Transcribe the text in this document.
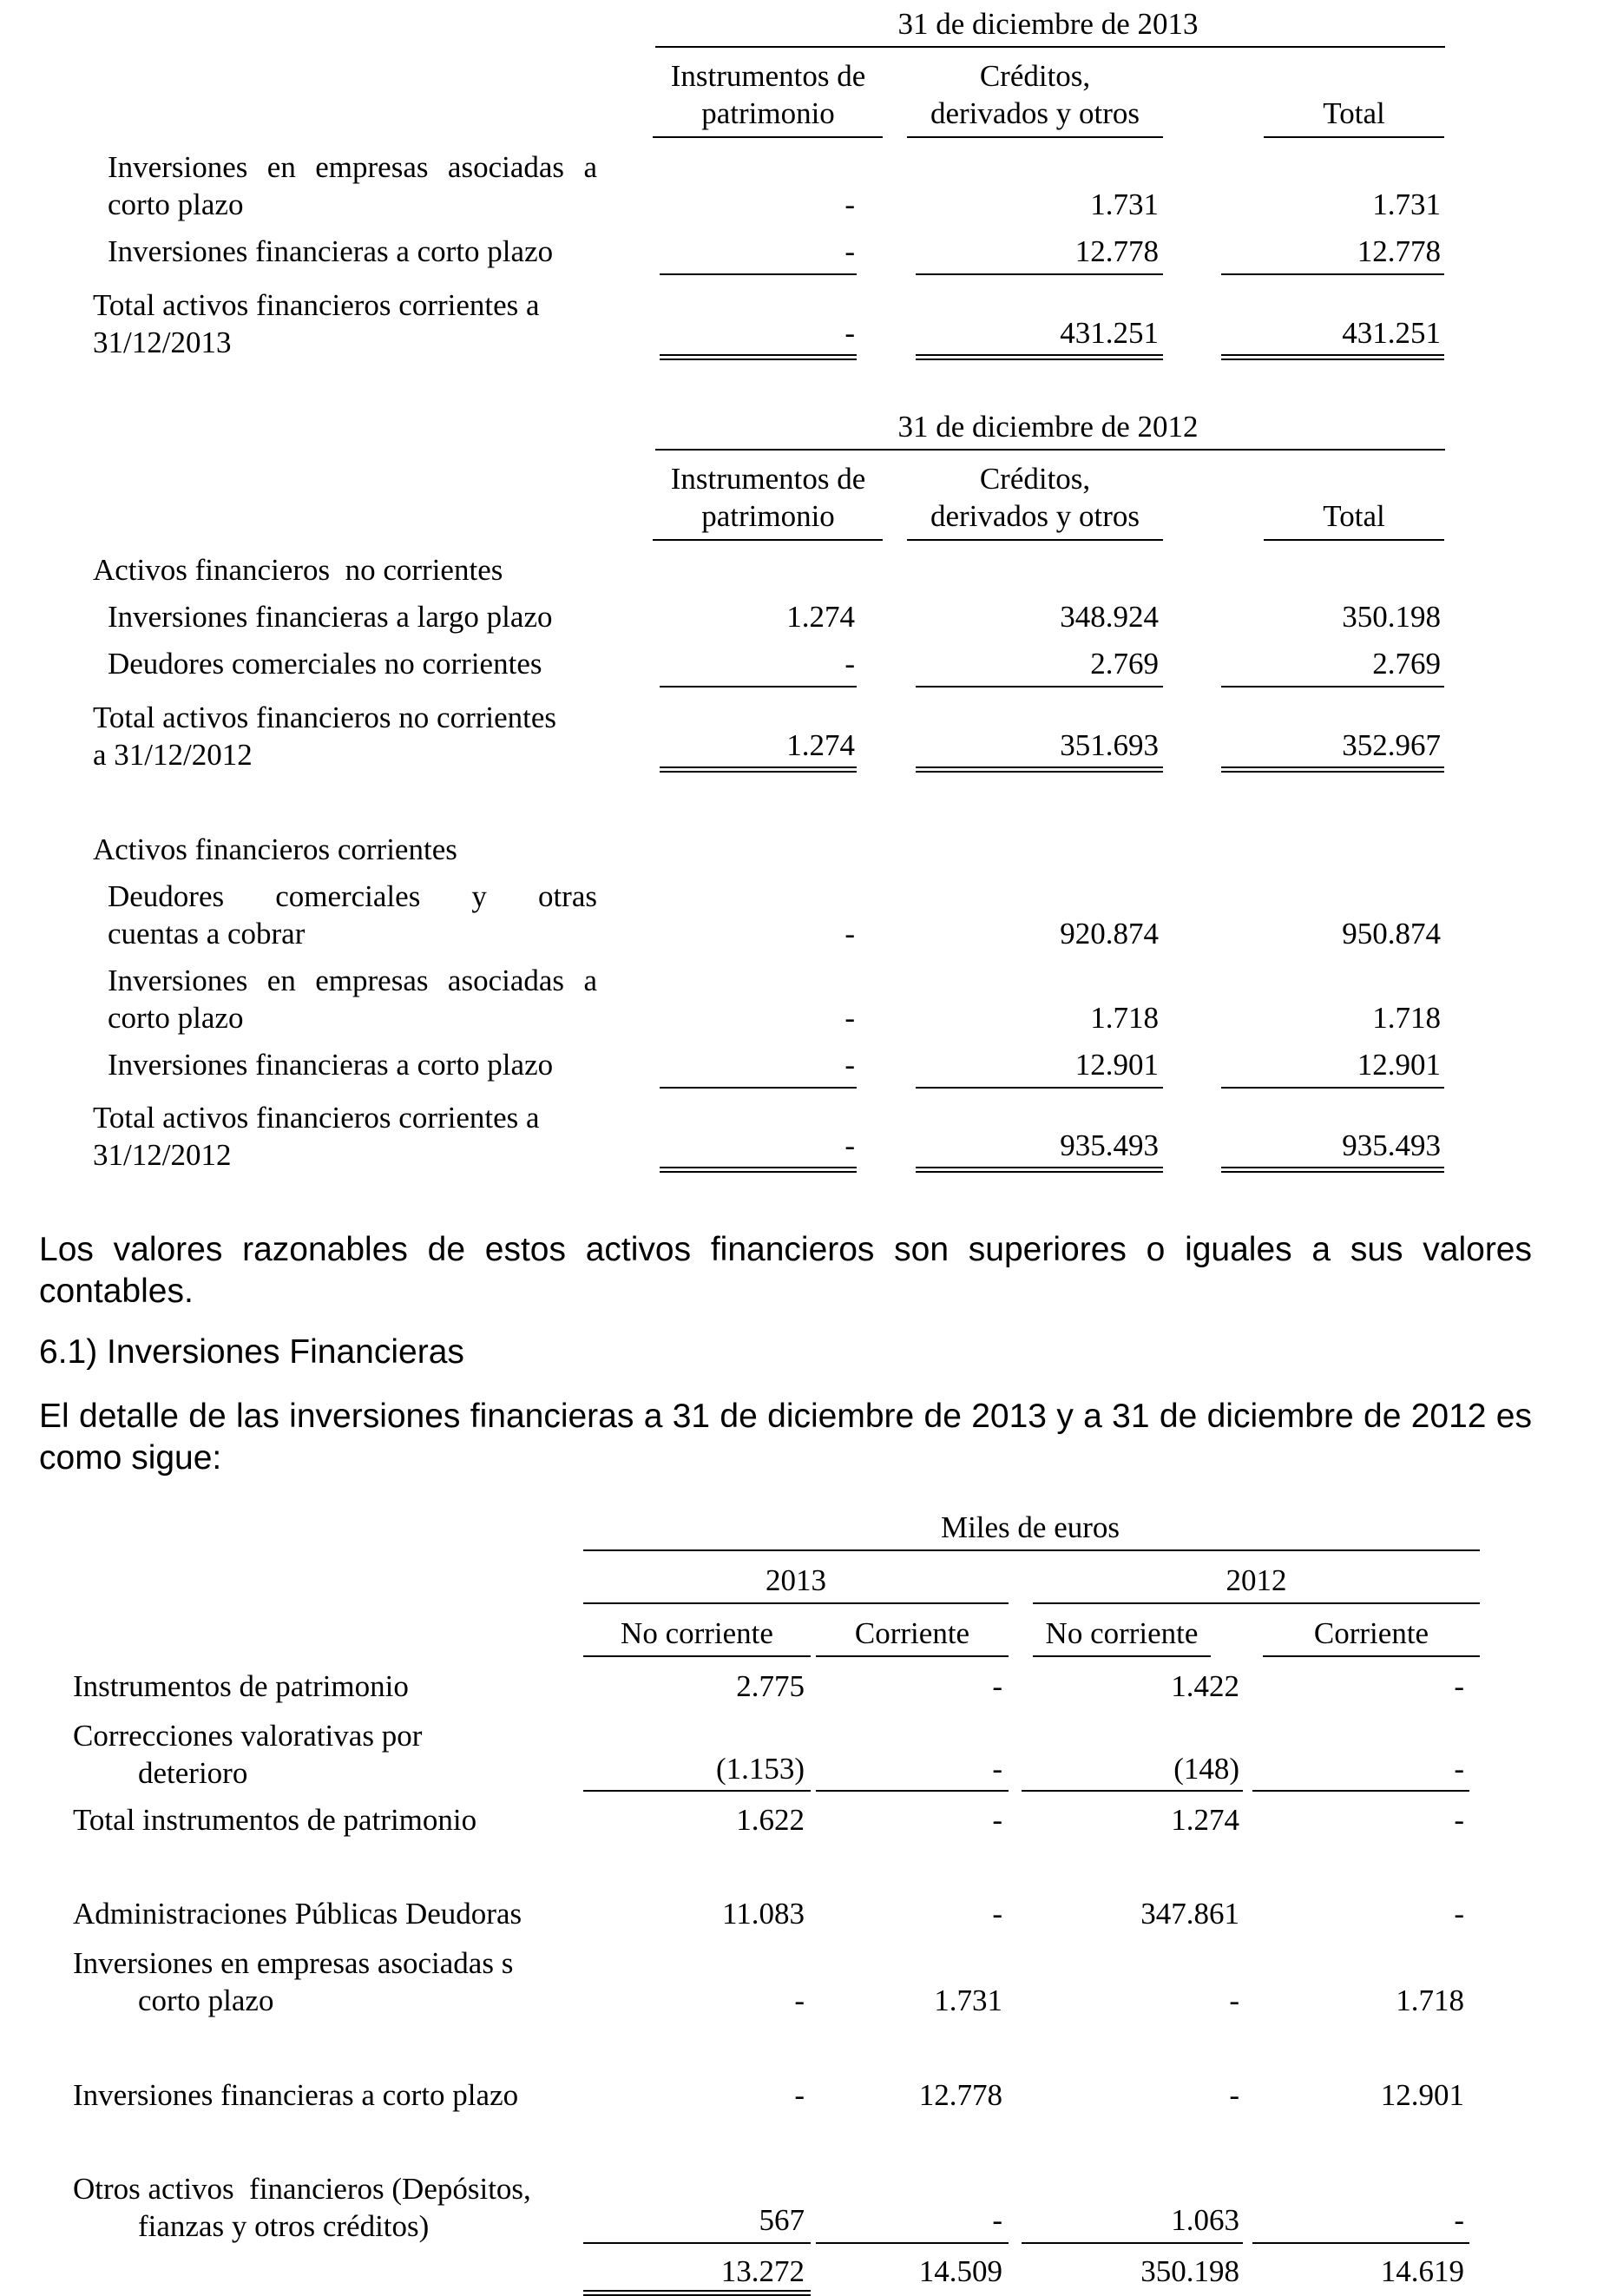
31 de diciembre de 2013
Instrumentos de
patrimonio
Créditos,
derivados y otros	Total
Inversiones en empresas asociadas a
corto plazo	-	1.731	1.731
Inversiones financieras a corto plazo	-	12.778	12.778
Total activos financieros corrientes a
31/12/2013	-	431.251	431.251
31 de diciembre de 2012
Instrumentos de
patrimonio
Créditos,
derivados y otros	Total
Activos financieros  no corrientes
Inversiones financieras a largo plazo	1.274	348.924	350.198
Deudores comerciales no corrientes	-	2.769	2.769
Total activos financieros no corrientes
a 31/12/2012	1.274	351.693	352.967
Activos financieros corrientes
Deudores comerciales y otras
cuentas a cobrar	-	920.874	950.874
Inversiones en empresas asociadas a
corto plazo	-	1.718	1.718
Inversiones financieras a corto plazo	-	12.901	12.901
Total activos financieros corrientes a
31/12/2012	-	935.493	935.493

Los valores razonables de estos activos financieros son superiores o iguales a sus valores contables.

6.1) Inversiones Financieras

El detalle de las inversiones financieras a 31 de diciembre de 2013 y a 31 de diciembre de 2012 es como sigue:

Miles de euros
2013	2012
No corriente	Corriente	No corriente	Corriente
Instrumentos de patrimonio	2.775	-	1.422	-
Correcciones valorativas por
deterioro	(1.153)	-	(148)	-
Total instrumentos de patrimonio	1.622	-	1.274	-
Administraciones Públicas Deudoras	11.083	-	347.861	-
Inversiones en empresas asociadas s
corto plazo	-	1.731	-	1.718
Inversiones financieras a corto plazo	-	12.778	-	12.901
Otros activos  financieros (Depósitos,
fianzas y otros créditos)	567	-	1.063	-
13.272	14.509	350.198	14.619
